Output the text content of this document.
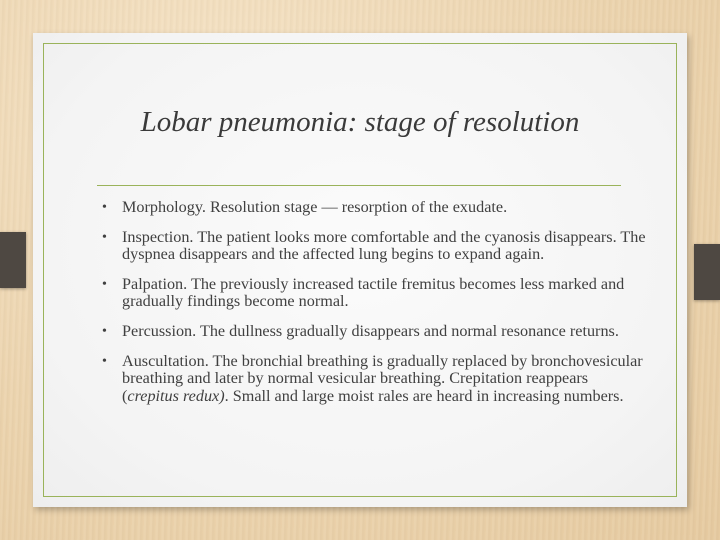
Lobar pneumonia: stage of resolution
• Morphology. Resolution stage — resorption of the exudate.
• Inspection. The patient looks more comfortable and the cyanosis disappears. The dyspnea disappears and the affected lung begins to expand again.
• Palpation. The previously increased tactile fremitus becomes less marked and gradually findings become normal.
• Percussion. The dullness gradually disappears and normal resonance returns.
• Auscultation. The bronchial breathing is gradually replaced by bronchovesicular breathing and later by normal vesicular breathing. Crepitation reappears (crepitus redux). Small and large moist rales are heard in increasing numbers.
